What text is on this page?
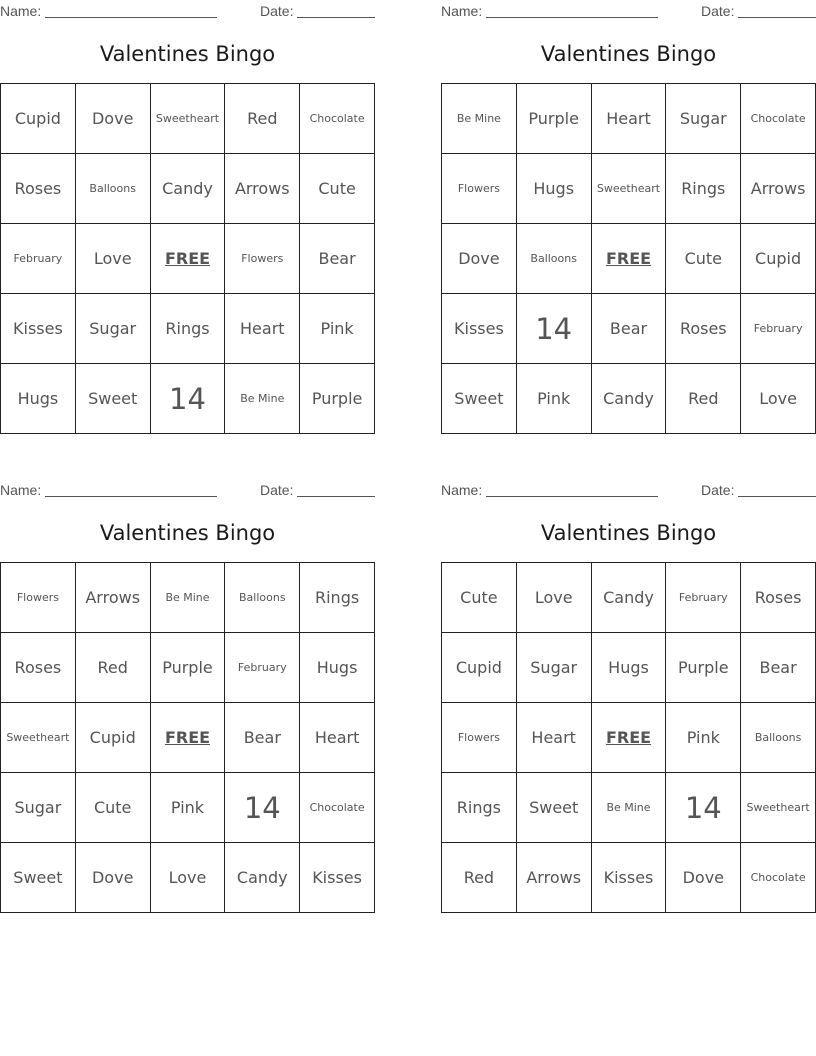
Name:	Date:
Valentines Bingo
Cupid	Dove	Sweetheart	Red	Chocolate
Roses	Balloons	Candy	Arrows	Cute
February	Love	FREE	Flowers	Bear
Kisses	Sugar	Rings	Heart	Pink
Hugs	Sweet	14	Be Mine	Purple
Name:	Date:
Valentines Bingo
Be Mine	Purple	Heart	Sugar	Chocolate
Flowers	Hugs	Sweetheart	Rings	Arrows
Dove	Balloons	FREE	Cute	Cupid
Kisses	14	Bear	Roses	February
Sweet	Pink	Candy	Red	Love
Name:	Date:
Valentines Bingo
Flowers	Arrows	Be Mine	Balloons	Rings
Roses	Red	Purple	February	Hugs
Sweetheart	Cupid	FREE	Bear	Heart
Sugar	Cute	Pink	14	Chocolate
Sweet	Dove	Love	Candy	Kisses
Name:	Date:
Valentines Bingo
Cute	Love	Candy	February	Roses
Cupid	Sugar	Hugs	Purple	Bear
Flowers	Heart	FREE	Pink	Balloons
Rings	Sweet	Be Mine	14	Sweetheart
Red	Arrows	Kisses	Dove	Chocolate
